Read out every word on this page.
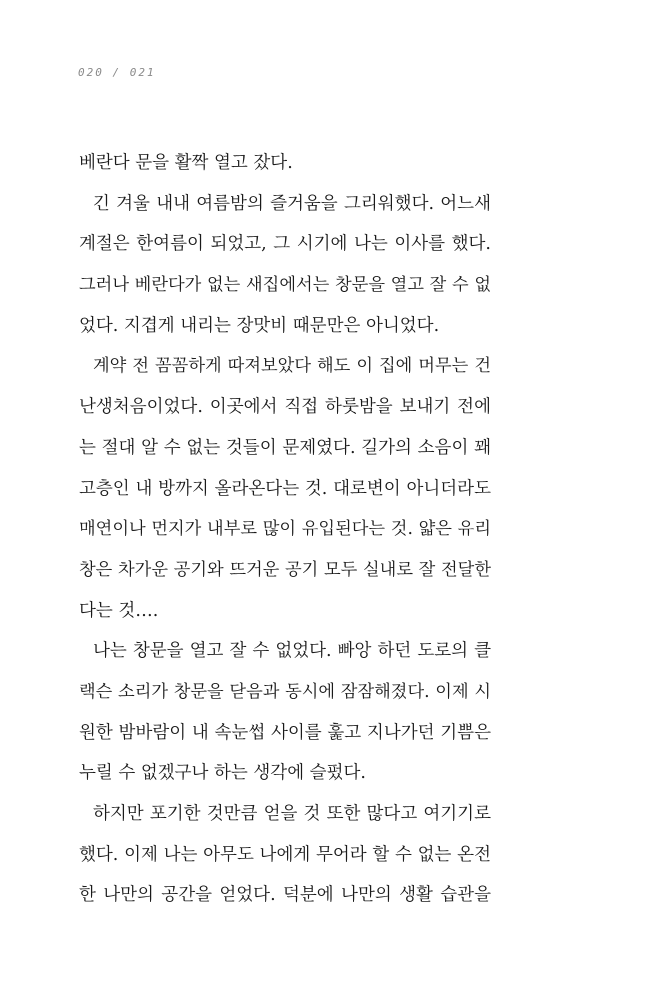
020 / 021
베란다 문을 활짝 열고 잤다.
긴 겨울 내내 여름밤의 즐거움을 그리워했다. 어느새
계절은 한여름이 되었고, 그 시기에 나는 이사를 했다.
그러나 베란다가 없는 새집에서는 창문을 열고 잘 수 없
었다. 지겹게 내리는 장맛비 때문만은 아니었다.
계약 전 꼼꼼하게 따져보았다 해도 이 집에 머무는 건
난생처음이었다. 이곳에서 직접 하룻밤을 보내기 전에
는 절대 알 수 없는 것들이 문제였다. 길가의 소음이 꽤
고층인 내 방까지 올라온다는 것. 대로변이 아니더라도
매연이나 먼지가 내부로 많이 유입된다는 것. 얇은 유리
창은 차가운 공기와 뜨거운 공기 모두 실내로 잘 전달한
다는 것….
나는 창문을 열고 잘 수 없었다. 빠앙 하던 도로의 클
랙슨 소리가 창문을 닫음과 동시에 잠잠해졌다. 이제 시
원한 밤바람이 내 속눈썹 사이를 훑고 지나가던 기쁨은
누릴 수 없겠구나 하는 생각에 슬펐다.
하지만 포기한 것만큼 얻을 것 또한 많다고 여기기로
했다. 이제 나는 아무도 나에게 무어라 할 수 없는 온전
한 나만의 공간을 얻었다. 덕분에 나만의 생활 습관을
